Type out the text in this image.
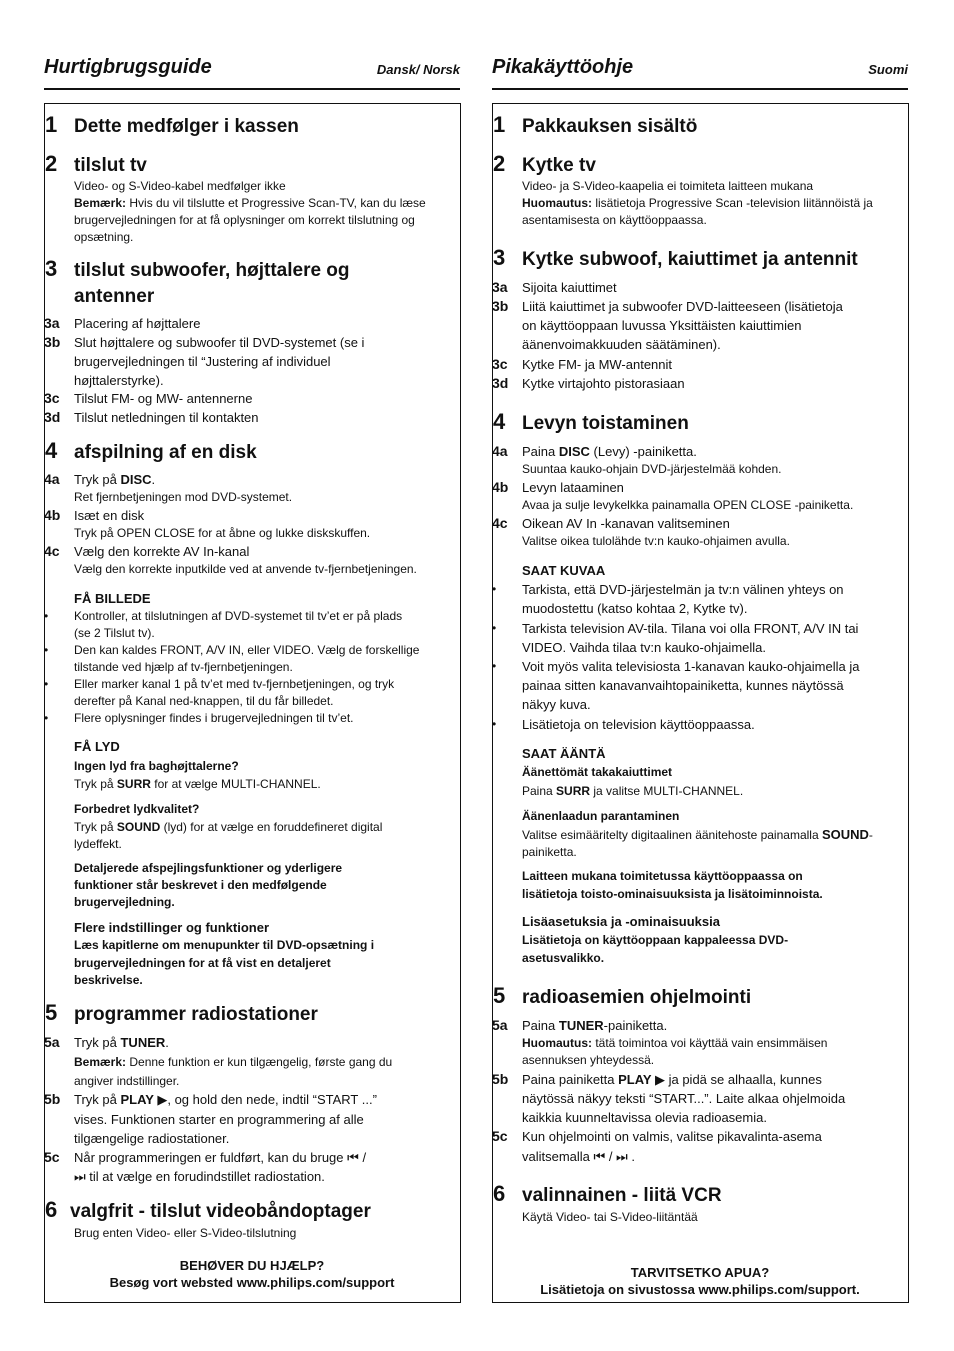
Hurtigbrugsguide	Dansk/ Norsk
1 Dette medfølger i kassen
2 tilslut tv
Video- og S-Video-kabel medfølger ikke
Bemærk: Hvis du vil tilslutte et Progressive Scan-TV, kan du læse
brugervejledningen for at få oplysninger om korrekt tilslutning og
opsætning.
3 tilslut subwoofer, højttalere og
antenner
3a Placering af højttalere
3b Slut højttalere og subwoofer til DVD-systemet (se i
brugervejledningen til “Justering af individuel
højttalerstyrke).
3c Tilslut FM- og MW- antennerne
3d Tilslut netledningen til kontakten
4 afspilning af en disk
4a Tryk på DISC.
Ret fjernbetjeningen mod DVD-systemet.
4b Isæt en disk
Tryk på OPEN CLOSE for at åbne og lukke diskskuffen.
4c Vælg den korrekte AV In-kanal
Vælg den korrekte inputkilde ved at anvende tv-fjernbetjeningen.
FÅ BILLEDE
• Kontroller, at tilslutningen af DVD-systemet til tv’et er på plads
(se 2 Tilslut tv).
• Den kan kaldes FRONT, A/V IN, eller VIDEO. Vælg de forskellige
tilstande ved hjælp af tv-fjernbetjeningen.
• Eller marker kanal 1 på tv’et med tv-fjernbetjeningen, og tryk
derefter på Kanal ned-knappen, til du får billedet.
• Flere oplysninger findes i brugervejledningen til tv’et.
FÅ LYD
Ingen lyd fra baghøjttalerne?
Tryk på SURR for at vælge MULTI-CHANNEL.
Forbedret lydkvalitet?
Tryk på SOUND (lyd) for at vælge en foruddefineret digital
lydeffekt.
Detaljerede afspejlingsfunktioner og yderligere
funktioner står beskrevet i den medfølgende
brugervejledning.
Flere indstillinger og funktioner
Læs kapitlerne om menupunkter til DVD-opsætning i
brugervejledningen for at få vist en detaljeret
beskrivelse.
5 programmer radiostationer
5a Tryk på TUNER.
Bemærk: Denne funktion er kun tilgængelig, første gang du
angiver indstillinger.
5b Tryk på PLAY ▶, og hold den nede, indtil “START ...”
vises. Funktionen starter en programmering af alle
tilgængelige radiostationer.
5c Når programmeringen er fuldført, kan du bruge ⏮ /
⏭ til at vælge en forudindstillet radiostation.
6 valgfrit - tilslut videobåndoptager
Brug enten Video- eller S-Video-tilslutning
BEHØVER DU HJÆLP?
Besøg vort websted www.philips.com/support
Pikakäyttöohje	Suomi
1 Pakkauksen sisältö
2 Kytke tv
Video- ja S-Video-kaapelia ei toimiteta laitteen mukana
Huomautus: lisätietoja Progressive Scan -television liitännöistä ja
asentamisesta on käyttöoppaassa.
3 Kytke subwoof, kaiuttimet ja antennit
3a Sijoita kaiuttimet
3b Liitä kaiuttimet ja subwoofer DVD-laitteeseen (lisätietoja
on käyttöoppaan luvussa Yksittäisten kaiuttimien
äänenvoimakkuuden säätäminen).
3c Kytke FM- ja MW-antennit
3d Kytke virtajohto pistorasiaan
4 Levyn toistaminen
4a Paina DISC (Levy) -painiketta.
Suuntaa kauko-ohjain DVD-järjestelmää kohden.
4b Levyn lataaminen
Avaa ja sulje levykelkka painamalla OPEN CLOSE -painiketta.
4c Oikean AV In -kanavan valitseminen
Valitse oikea tulolähde tv:n kauko-ohjaimen avulla.
SAAT KUVAA
• Tarkista, että DVD-järjestelmän ja tv:n välinen yhteys on
muodostettu (katso kohtaa 2, Kytke tv).
• Tarkista television AV-tila. Tilana voi olla FRONT, A/V IN tai
VIDEO. Vaihda tilaa tv:n kauko-ohjaimella.
• Voit myös valita televisiosta 1-kanavan kauko-ohjaimella ja
painaa sitten kanavanvaihtopainiketta, kunnes näytössä
näkyy kuva.
• Lisätietoja on television käyttöoppaassa.
SAAT ÄÄNTÄ
Äänettömät takakaiuttimet
Paina SURR ja valitse MULTI-CHANNEL.
Äänenlaadun parantaminen
Valitse esimääritelty digitaalinen äänitehoste painamalla SOUND-
painiketta.
Laitteen mukana toimitetussa käyttöoppaassa on
lisätietoja toisto-ominaisuuksista ja lisätoiminnoista.
Lisäasetuksia ja -ominaisuuksia
Lisätietoja on käyttöoppaan kappaleessa DVD-
asetusvalikko.
5 radioasemien ohjelmointi
5a Paina TUNER-painiketta.
Huomautus: tätä toimintoa voi käyttää vain ensimmäisen
asennuksen yhteydessä.
5b Paina painiketta PLAY ▶ ja pidä se alhaalla, kunnes
näytössä näkyy teksti “START...”. Laite alkaa ohjelmoida
kaikkia kuunneltavissa olevia radioasemia.
5c Kun ohjelmointi on valmis, valitse pikavalinta-asema
valitsemalla ⏮ / ⏭ .
6 valinnainen - liitä VCR
Käytä Video- tai S-Video-liitäntää
TARVITSETKO APUA?
Lisätietoja on sivustossa www.philips.com/support.
